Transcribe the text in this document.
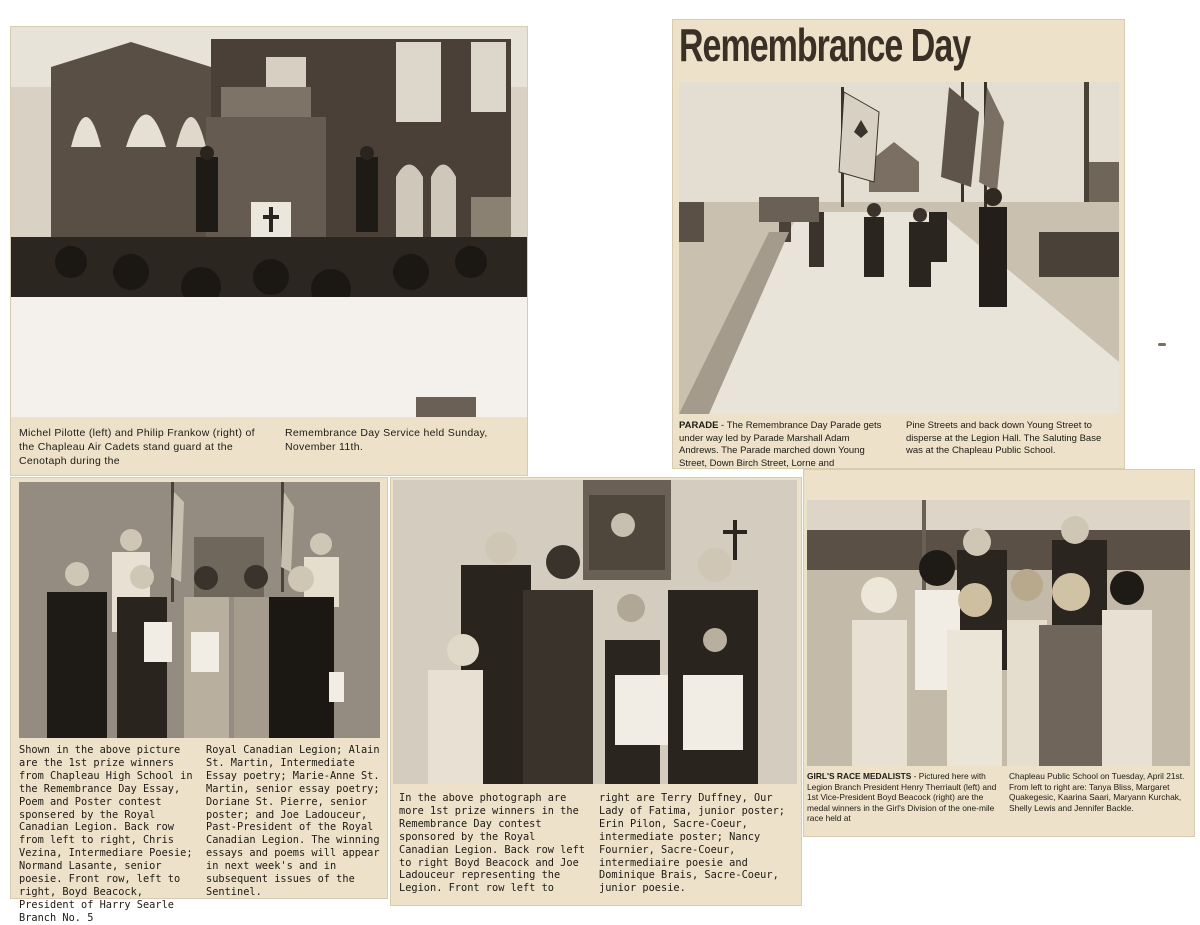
Michel Pilotte (left) and Philip Frankow (right) of the Chapleau Air Cadets stand guard at the Cenotaph during the
Remembrance Day Service held Sunday, November 11th.
Remembrance Day
PARADE - The Remembrance Day Parade gets under way led by Parade Marshall Adam Andrews. The Parade marched down Young Street, Down Birch Street, Lorne and
Pine Streets and back down Young Street to disperse at the Legion Hall. The Saluting Base was at the Chapleau Public School.
Shown in the above picture are the 1st prize winners from Chapleau High School in the Remembrance Day Essay, Poem and Poster contest sponsered by the Royal Canadian Legion. Back row from left to right, Chris Vezina, Intermediare Poesie; Normand Lasante, senior poesie. Front row, left to right, Boyd Beacock, President of Harry Searle Branch No. 5
Royal Canadian Legion; Alain St. Martin, Intermediate Essay poetry; Marie-Anne St. Martin, senior essay poetry; Doriane St. Pierre, senior poster; and Joe Ladouceur, Past-President of the Royal Canadian Legion. The winning essays and poems will appear in next week's and in subsequent issues of the Sentinel.
In the above photograph are more 1st prize winners in the Remembrance Day contest sponsored by the Royal Canadian Legion. Back row left to right Boyd Beacock and Joe Ladouceur representing the Legion. Front row left to
right are Terry Duffney, Our Lady of Fatima, junior poster; Erin Pilon, Sacre-Coeur, intermediate poster; Nancy Fournier, Sacre-Coeur, intermediaire poesie and Dominique Brais, Sacre-Coeur, junior poesie.
GIRL'S RACE MEDALISTS - Pictured here with Legion Branch President Henry Therriault (left) and 1st Vice-President Boyd Beacock (right) are the medal winners in the Girl's Division of the one-mile race held at
Chapleau Public School on Tuesday, April 21st. From left to right are: Tanya Bliss, Margaret Quakegesic, Kaarina Saari, Maryann Kurchak, Shelly Lewis and Jennifer Backle.
